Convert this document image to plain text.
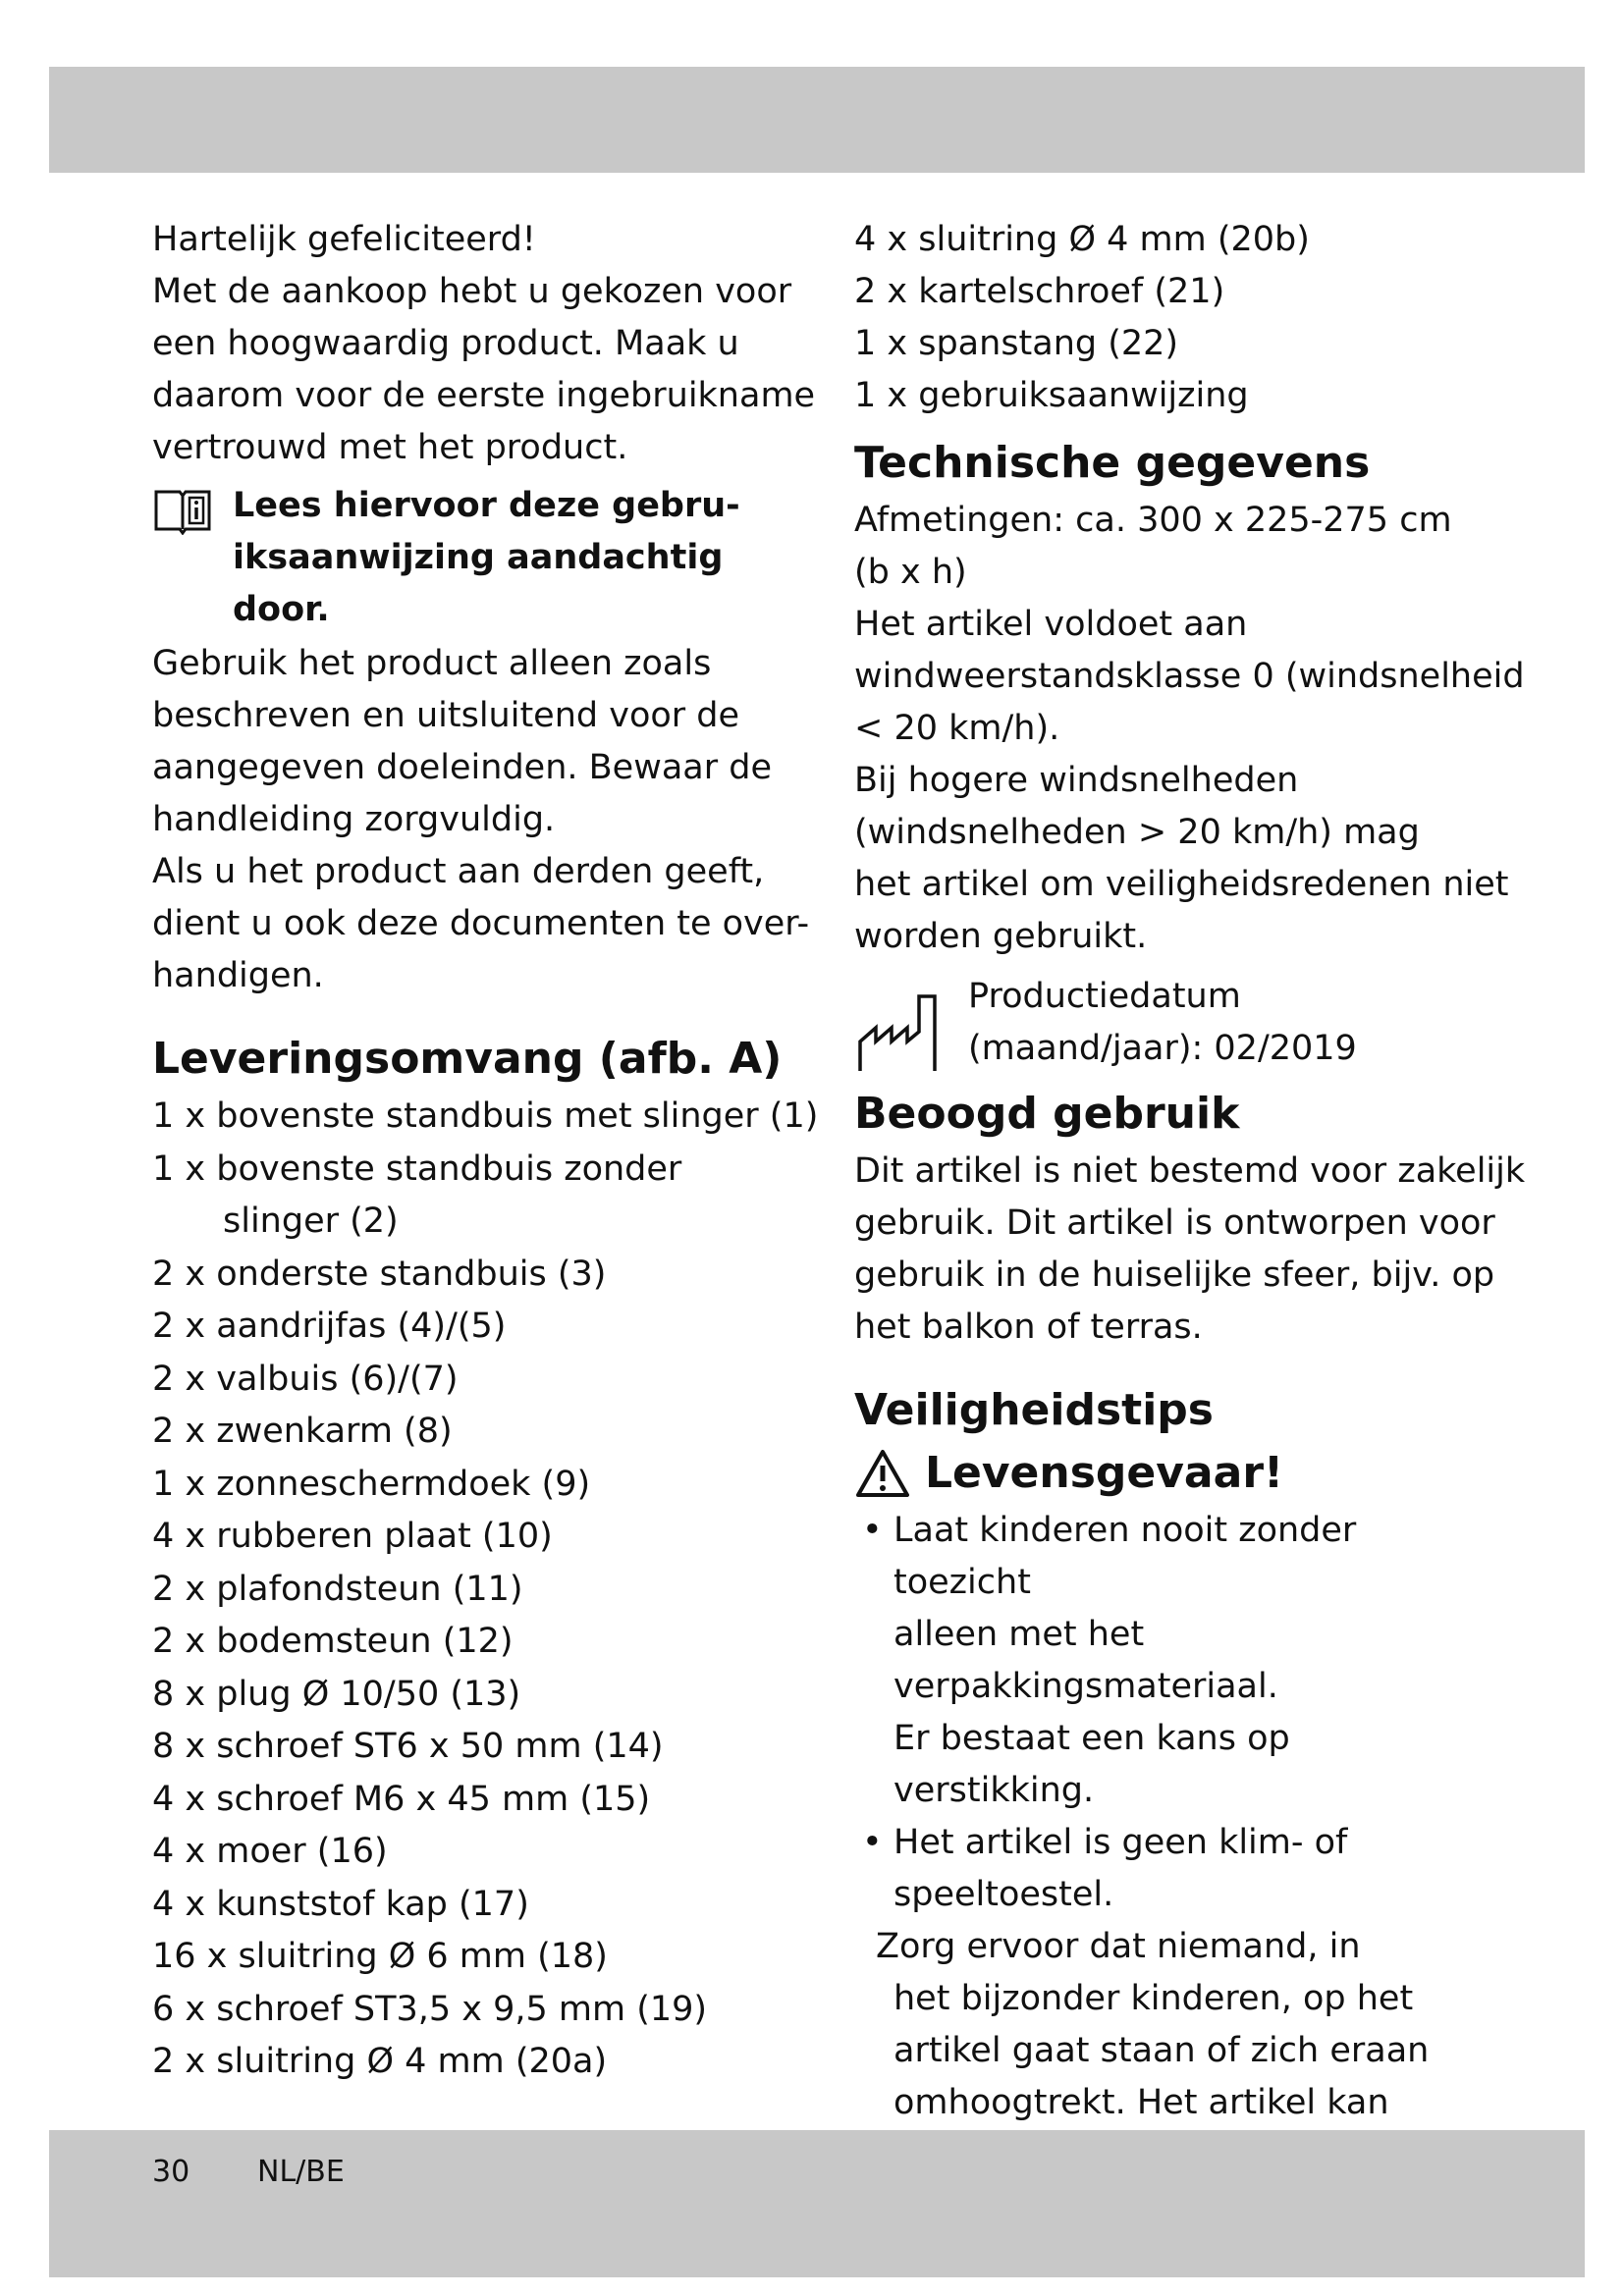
Hartelijk gefeliciteerd!

Met de aankoop hebt u gekozen voor

een hoogwaardig product. Maak u

daarom voor de eerste ingebruikname

vertrouwd met het product.

Lees hiervoor deze gebru-
iksaanwijzing aandachtig
door.

Gebruik het product alleen zoals

beschreven en uitsluitend voor de

aangegeven doeleinden. Bewaar de

handleiding zorgvuldig.

Als u het product aan derden geeft,

dient u ook deze documenten te over-

handigen.

Leveringsomvang (afb. A)

1 x bovenste standbuis met slinger (1)

1 x bovenste standbuis zonder

slinger (2)

2 x onderste standbuis (3)

2 x aandrijfas (4)/(5)

2 x valbuis (6)/(7)

2 x zwenkarm (8)

1 x zonneschermdoek (9)

4 x rubberen plaat (10)

2 x plafondsteun (11)

2 x bodemsteun (12)

8 x plug Ø 10/50 (13)

8 x schroef ST6 x 50 mm (14)

4 x schroef M6 x 45 mm (15)

4 x moer (16)

4 x kunststof kap (17)

16 x sluitring Ø 6 mm (18)

6 x schroef ST3,5 x 9,5 mm (19)

2 x sluitring Ø 4 mm (20a)

4 x sluitring Ø 4 mm (20b)

2 x kartelschroef (21)

1 x spanstang (22)

1 x gebruiksaanwijzing

Technische gegevens

Afmetingen: ca. 300 x 225-275 cm

(b x h)

Het artikel voldoet aan

windweerstandsklasse 0 (windsnelheid

< 20 km/h).

Bij hogere windsnelheden

(windsnelheden > 20 km/h) mag

het artikel om veiligheidsredenen niet

worden gebruikt.

Productiedatum
(maand/jaar): 02/2019
Beoogd gebruik

Dit artikel is niet bestemd voor zakelijk

gebruik. Dit artikel is ontworpen voor

gebruik in de huiselijke sfeer, bijv. op

het balkon of terras.

Veiligheidstips
Levensgevaar!
• Laat kinderen nooit zonder toezicht
alleen met het verpakkingsmateriaal.
Er bestaat een kans op verstikking.
• Het artikel is geen klim- of
speeltoestel.
Zorg ervoor dat niemand, in
het bijzonder kinderen, op het
artikel gaat staan of zich eraan
omhoogtrekt. Het artikel kan
30 NL/BE
